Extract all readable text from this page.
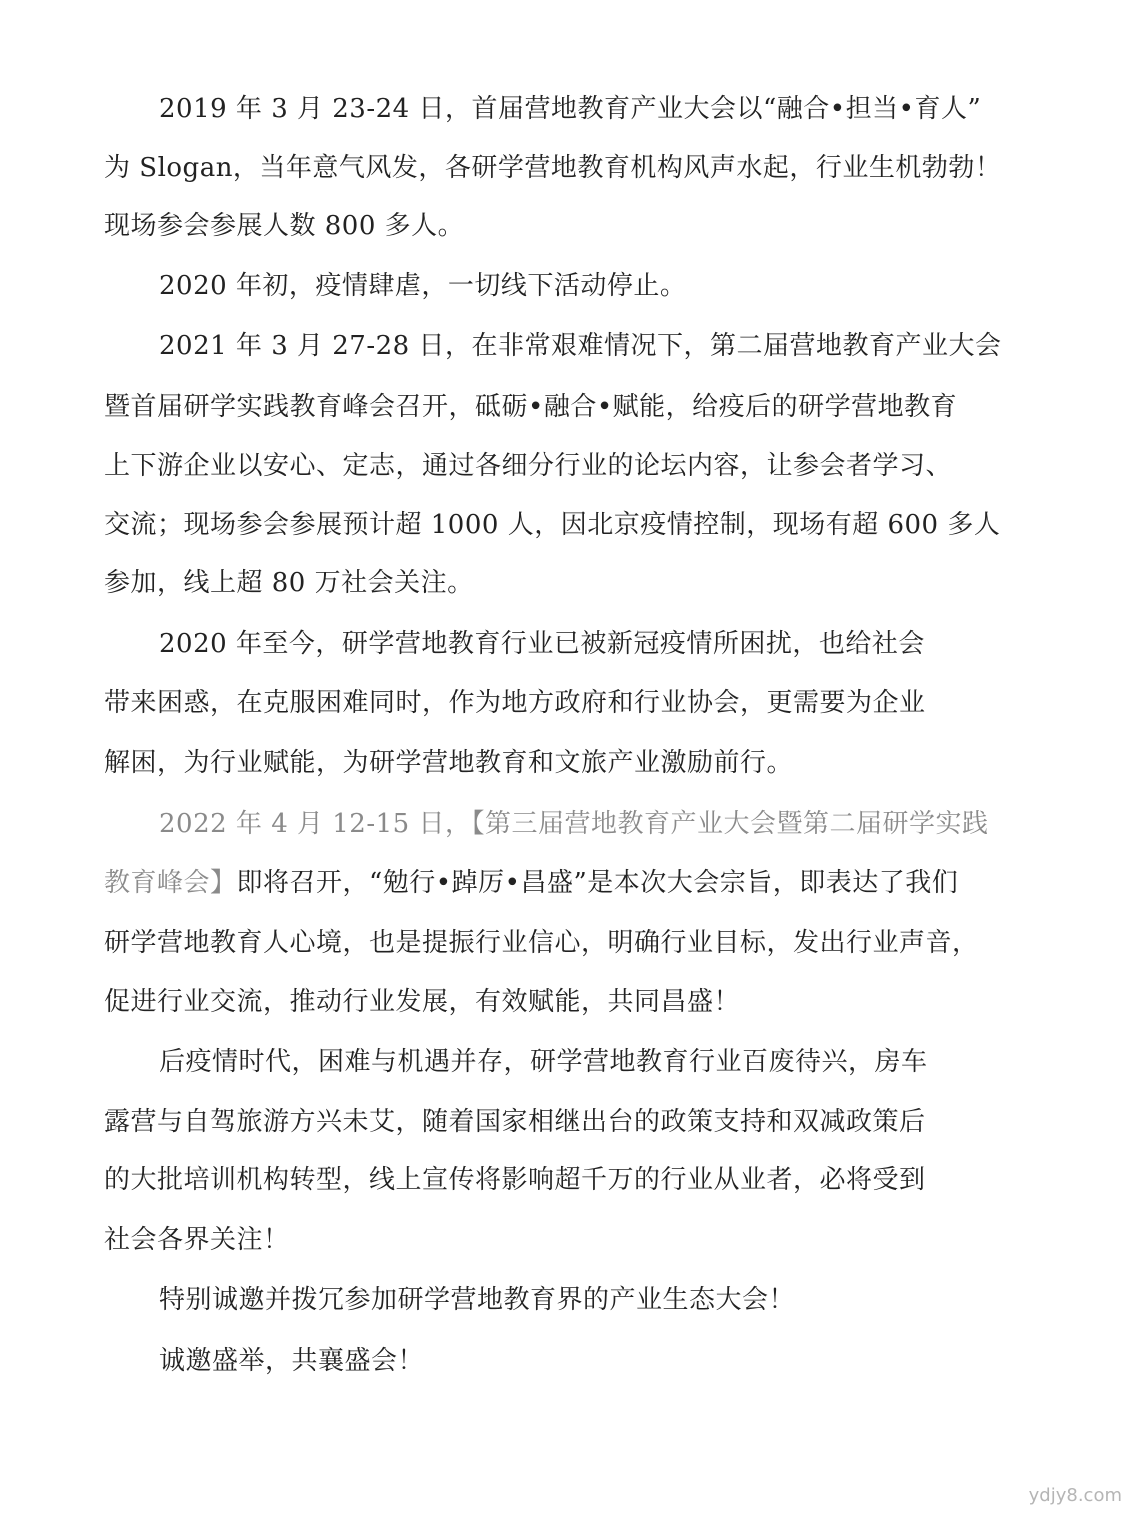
2019 年 3 月 23-24 日，首届营地教育产业大会以“融合•担当•育人”
为 Slogan，当年意气风发，各研学营地教育机构风声水起，行业生机勃勃！
现场参会参展人数 800 多人。
2020 年初，疫情肆虐，一切线下活动停止。
2021 年 3 月 27-28 日，在非常艰难情况下，第二届营地教育产业大会
暨首届研学实践教育峰会召开，砥砺•融合•赋能，给疫后的研学营地教育
上下游企业以安心、定志，通过各细分行业的论坛内容，让参会者学习、
交流；现场参会参展预计超 1000 人，因北京疫情控制，现场有超 600 多人
参加，线上超 80 万社会关注。
2020 年至今，研学营地教育行业已被新冠疫情所困扰，也给社会
带来困惑，在克服困难同时，作为地方政府和行业协会，更需要为企业
解困，为行业赋能，为研学营地教育和文旅产业激励前行。
2022 年 4 月 12-15 日，【第三届营地教育产业大会暨第二届研学实践
教育峰会】即将召开，“勉行•踔厉•昌盛”是本次大会宗旨，即表达了我们
研学营地教育人心境，也是提振行业信心，明确行业目标，发出行业声音，
促进行业交流，推动行业发展，有效赋能，共同昌盛！
后疫情时代，困难与机遇并存，研学营地教育行业百废待兴，房车
露营与自驾旅游方兴未艾，随着国家相继出台的政策支持和双减政策后
的大批培训机构转型，线上宣传将影响超千万的行业从业者，必将受到
社会各界关注！
特别诚邀并拨冗参加研学营地教育界的产业生态大会！
诚邀盛举，共襄盛会！
ydjy8.com
